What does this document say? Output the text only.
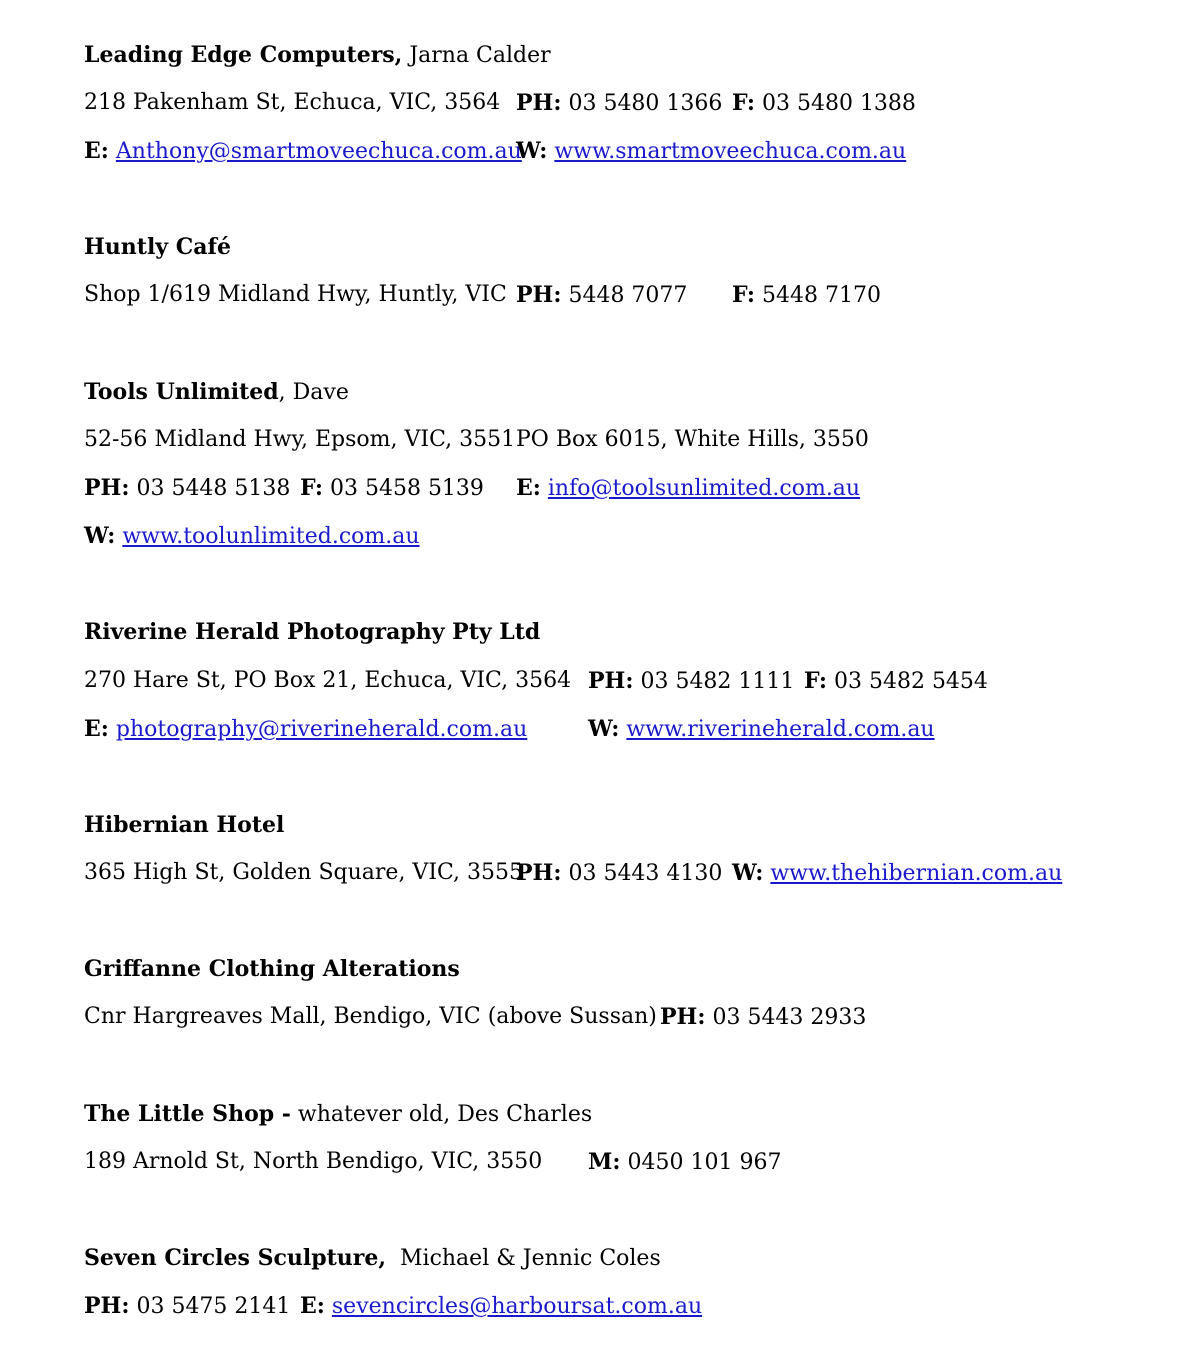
Leading Edge Computers, Jarna Calder
218 Pakenham St, Echuca, VIC, 3564 PH: 03 5480 1366 F: 03 5480 1388
E: Anthony@smartmoveechuca.com.au
W: www.smartmoveechuca.com.au
Huntly Café
Shop 1/619 Midland Hwy, Huntly, VIC PH: 5448 7077 F: 5448 7170
Tools Unlimited, Dave
52-56 Midland Hwy, Epsom, VIC, 3551 PO Box 6015, White Hills, 3550
PH: 03 5448 5138 F: 03 5458 5139 E: info@toolsunlimited.com.au
W: www.toolunlimited.com.au
Riverine Herald Photography Pty Ltd
270 Hare St, PO Box 21, Echuca, VIC, 3564 PH: 03 5482 1111 F: 03 5482 5454
E: photography@riverineherald.com.au	W: www.riverineherald.com.au
Hibernian Hotel
365 High St, Golden Square, VIC, 3555
PH: 03 5443 4130 W: www.thehibernian.com.au
Griffanne Clothing Alterations
Cnr Hargreaves Mall, Bendigo, VIC (above Sussan) PH: 03 5443 2933
The Little Shop - whatever old, Des Charles
189 Arnold St, North Bendigo, VIC, 3550 M: 0450 101 967
Seven Circles Sculpture, Michael & Jennic Coles
PH: 03 5475 2141 E: sevencircles@harboursat.com.au
